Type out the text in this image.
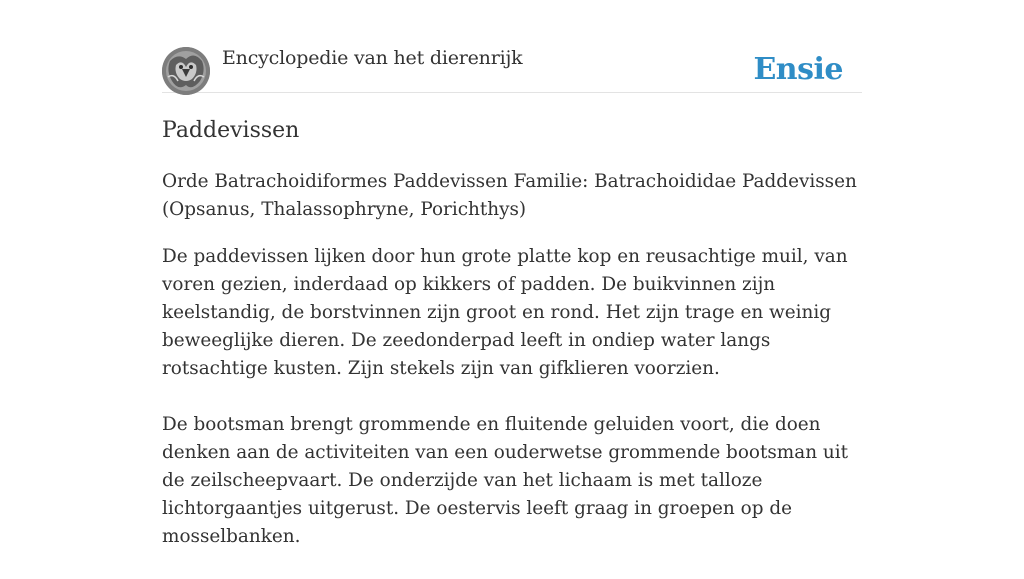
Encyclopedie van het dierenrijk	Ensie
Paddevissen

Orde Batrachoidiformes Paddevissen Familie: Batrachoididae Paddevissen (Opsanus, Thalassophryne, Porichthys)

De paddevissen lijken door hun grote platte kop en reusachtige muil, van voren gezien, inderdaad op kikkers of padden. De buikvinnen zijn keelstandig, de borstvinnen zijn groot en rond. Het zijn trage en weinig beweeglijke dieren. De zeedonderpad leeft in ondiep water langs rotsachtige kusten. Zijn stekels zijn van gifklieren voorzien.

De bootsman brengt grommende en fluitende geluiden voort, die doen denken aan de activiteiten van een ouderwetse grommende bootsman uit de zeilscheepvaart. De onderzijde van het lichaam is met talloze lichtorgaantjes uitgerust. De oestervis leeft graag in groepen op de mosselbanken.
